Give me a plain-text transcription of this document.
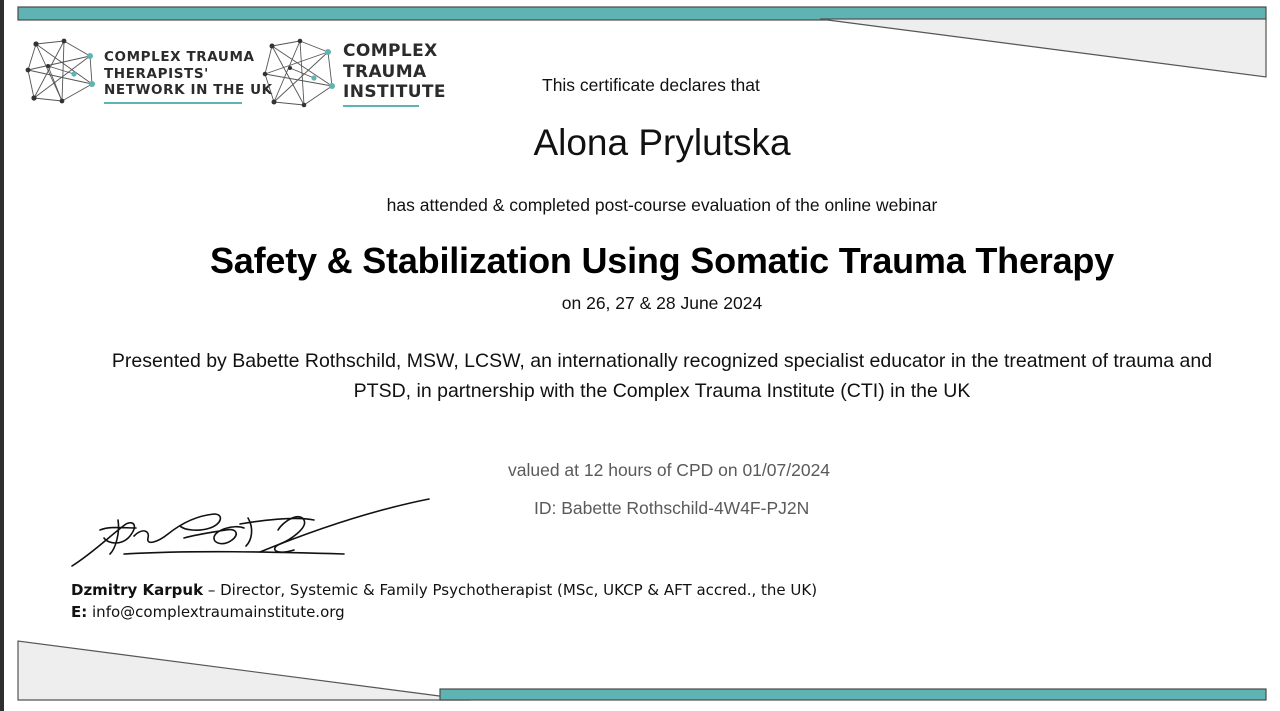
COMPLEX TRAUMA
THERAPISTS'
NETWORK IN THE UK
COMPLEX
TRAUMA
INSTITUTE	This certificate declares that
Alona Prylutska
has attended & completed post-course evaluation of the online webinar
Safety & Stabilization Using Somatic Trauma Therapy
on 26, 27 & 28 June 2024
Presented by Babette Rothschild, MSW, LCSW, an internationally recognized specialist educator in the treatment of trauma and PTSD, in partnership with the Complex Trauma Institute (CTI) in the UK
valued at 12 hours of CPD on 01/07/2024
ID: Babette Rothschild-4W4F-PJ2N
Dzmitry Karpuk – Director, Systemic & Family Psychotherapist (MSc, UKCP & AFT accred., the UK)
E: info@complextraumainstitute.org
